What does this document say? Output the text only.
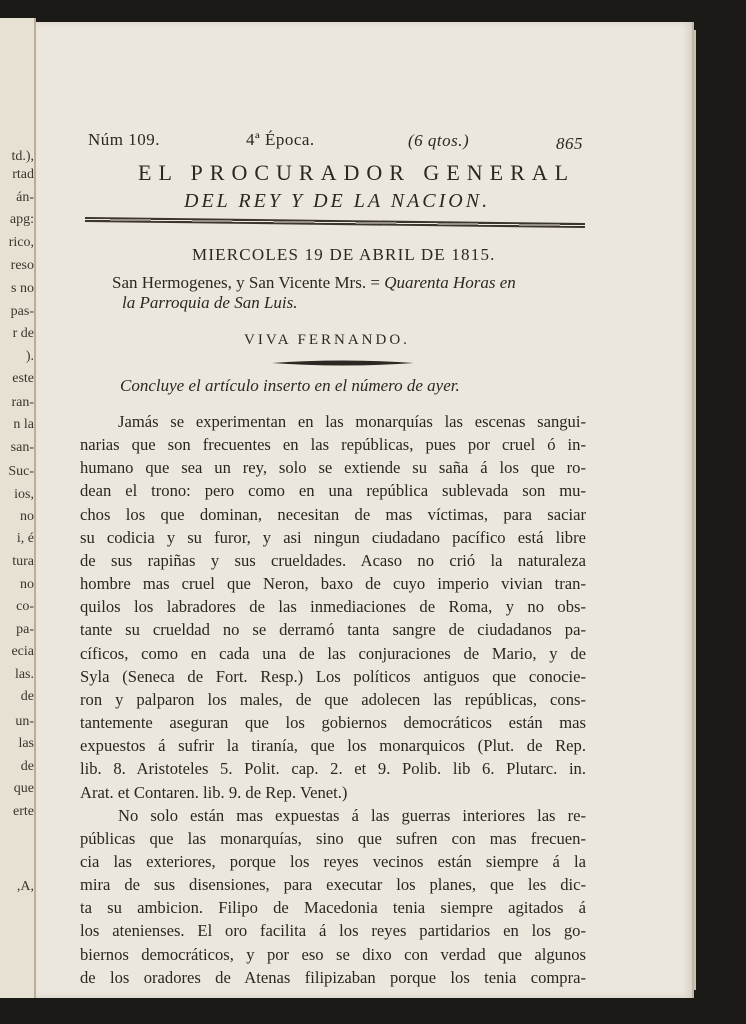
Núm 109.	4ª Época.	(6 qtos.)	865
EL PROCURADOR GENERAL
DEL REY Y DE LA NACION.
MIERCOLES 19 DE ABRIL DE 1815.
San Hermogenes, y San Vicente Mrs. = Quarenta Horas en
la Parroquia de San Luis.
VIVA FERNANDO.
Concluye el artículo inserto en el número de ayer.
Jamás se experimentan en las monarquías las escenas sangui-
narias que son frecuentes en las repúblicas, pues por cruel ó in-
humano que sea un rey, solo se extiende su saña á los que ro-
dean el trono: pero como en una república sublevada son mu-
chos los que dominan, necesitan de mas víctimas, para saciar
su codicia y su furor, y asi ningun ciudadano pacífico está libre
de sus rapiñas y sus crueldades. Acaso no crió la naturaleza
hombre mas cruel que Neron, baxo de cuyo imperio vivian tran-
quilos los labradores de las inmediaciones de Roma, y no obs-
tante su crueldad no se derramó tanta sangre de ciudadanos pa-
cíficos, como en cada una de las conjuraciones de Mario, y de
Syla (Seneca de Fort. Resp.) Los políticos antiguos que conocie-
ron y palparon los males, de que adolecen las repúblicas, cons-
tantemente aseguran que los gobiernos democráticos están mas
expuestos á sufrir la tiranía, que los monarquicos (Plut. de Rep.
lib. 8. Aristoteles 5. Polit. cap. 2. et 9. Polib. lib 6. Plutarc. in.
Arat. et Contaren. lib. 9. de Rep. Venet.)
No solo están mas expuestas á las guerras interiores las re-
públicas que las monarquías, sino que sufren con mas frecuen-
cia las exteriores, porque los reyes vecinos están siempre á la
mira de sus disensiones, para executar los planes, que les dic-
ta su ambicion. Filipo de Macedonia tenia siempre agitados á
los atenienses. El oro facilita á los reyes partidarios en los go-
biernos democráticos, y por eso se dixo con verdad que algunos
de los oradores de Atenas filipizaban porque los tenia compra-
td.),
rtad
án-
apg:
rico,
reso
s no
pas-
r de
).
este
ran-
n la
san-
Suc-
ios,
no
i, é
tura
no
co-
pa-
ecia
las.
de
un-
las
de
que
erte
,A,
